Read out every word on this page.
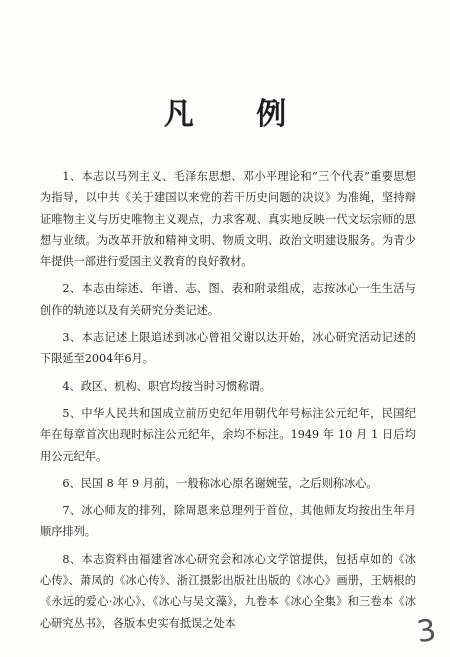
凡 例

1、本志以马列主义、毛泽东思想、邓小平理论和“三个代表”重要思想为指导，以中共《关于建国以来党的若干历史问题的决议》为准绳，坚持辩证唯物主义与历史唯物主义观点，力求客观、真实地反映一代文坛宗师的思想与业绩。为改革开放和精神文明、物质文明、政治文明建设服务。为青少年提供一部进行爱国主义教育的良好教材。

2、本志由综述、年谱、志、图、表和附录组成，志按冰心一生生活与创作的轨迹以及有关研究分类记述。

3、本志记述上限追述到冰心曾祖父谢以达开始，冰心研究活动记述的下限延至2004年6月。

4、政区、机构、职官均按当时习惯称谓。

5、中华人民共和国成立前历史纪年用朝代年号标注公元纪年，民国纪年在每章首次出现时标注公元纪年，余均不标注。1949 年 10 月 1 日后均用公元纪年。

6、民国 8 年 9 月前，一般称冰心原名谢婉莹，之后则称冰心。

7、冰心师友的排列，除周恩来总理列于首位，其他师友均按出生年月顺序排列。

8、本志资料由福建省冰心研究会和冰心文学馆提供，包括卓如的《冰心传》、萧凤的《冰心传》、浙江摄影出版社出版的《冰心》画册，王炳根的《永远的爱心·冰心》、《冰心与吴文藻》，九卷本《冰心全集》和三卷本《冰心研究丛书》，各版本史实有抵误之处本	3
